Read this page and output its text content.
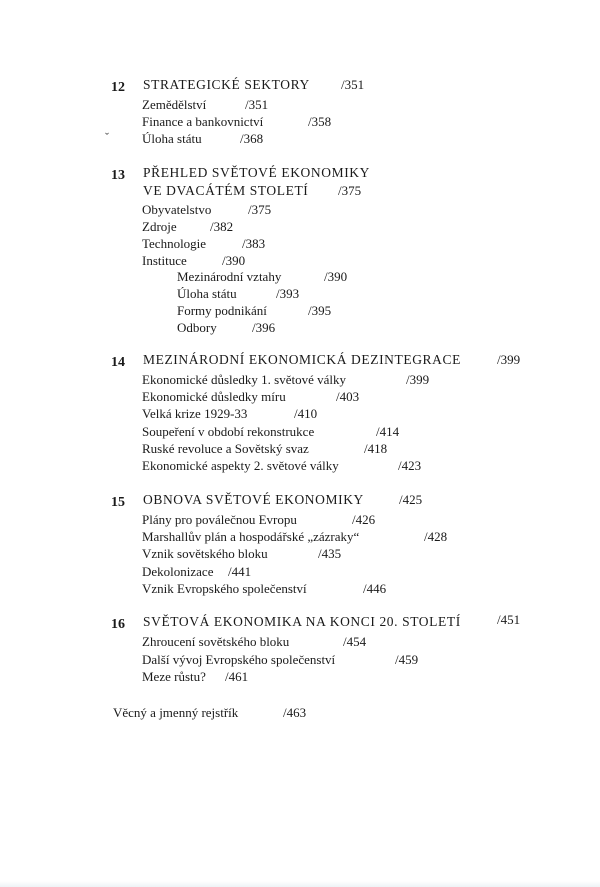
12 STRATEGICKÉ SEKTORY /351
Zemědělství	/351
Finance a bankovnictví	/358
Úloha státu	/368
ˇ
13 PŘEHLED SVĚTOVÉ EKONOMIKY
VE DVACÁTÉM STOLETÍ /375
Obyvatelstvo	/375
Zdroje	/382
Technologie	/383
Instituce	/390
Mezinárodní vztahy	/390
Úloha státu	/393
Formy podnikání	/395
Odbory	/396
14 MEZINÁRODNÍ EKONOMICKÁ DEZINTEGRACE	/399
Ekonomické důsledky 1. světové války	/399
Ekonomické důsledky míru	/403
Velká krize 1929-33	/410
Soupeření v období rekonstrukce	/414
Ruské revoluce a Sovětský svaz	/418
Ekonomické aspekty 2. světové války	/423
15 OBNOVA SVĚTOVÉ EKONOMIKY	/425
Plány pro poválečnou Evropu	/426
Marshallův plán a hospodářské „zázraky“	/428
Vznik sovětského bloku	/435
Dekolonizace /441
Vznik Evropského společenství	/446
16 SVĚTOVÁ EKONOMIKA NA KONCI 20. STOLETÍ	/451
Zhroucení sovětského bloku	/454
Další vývoj Evropského společenství	/459
Meze růstu? /461
Věcný a jmenný rejstřík	/463
